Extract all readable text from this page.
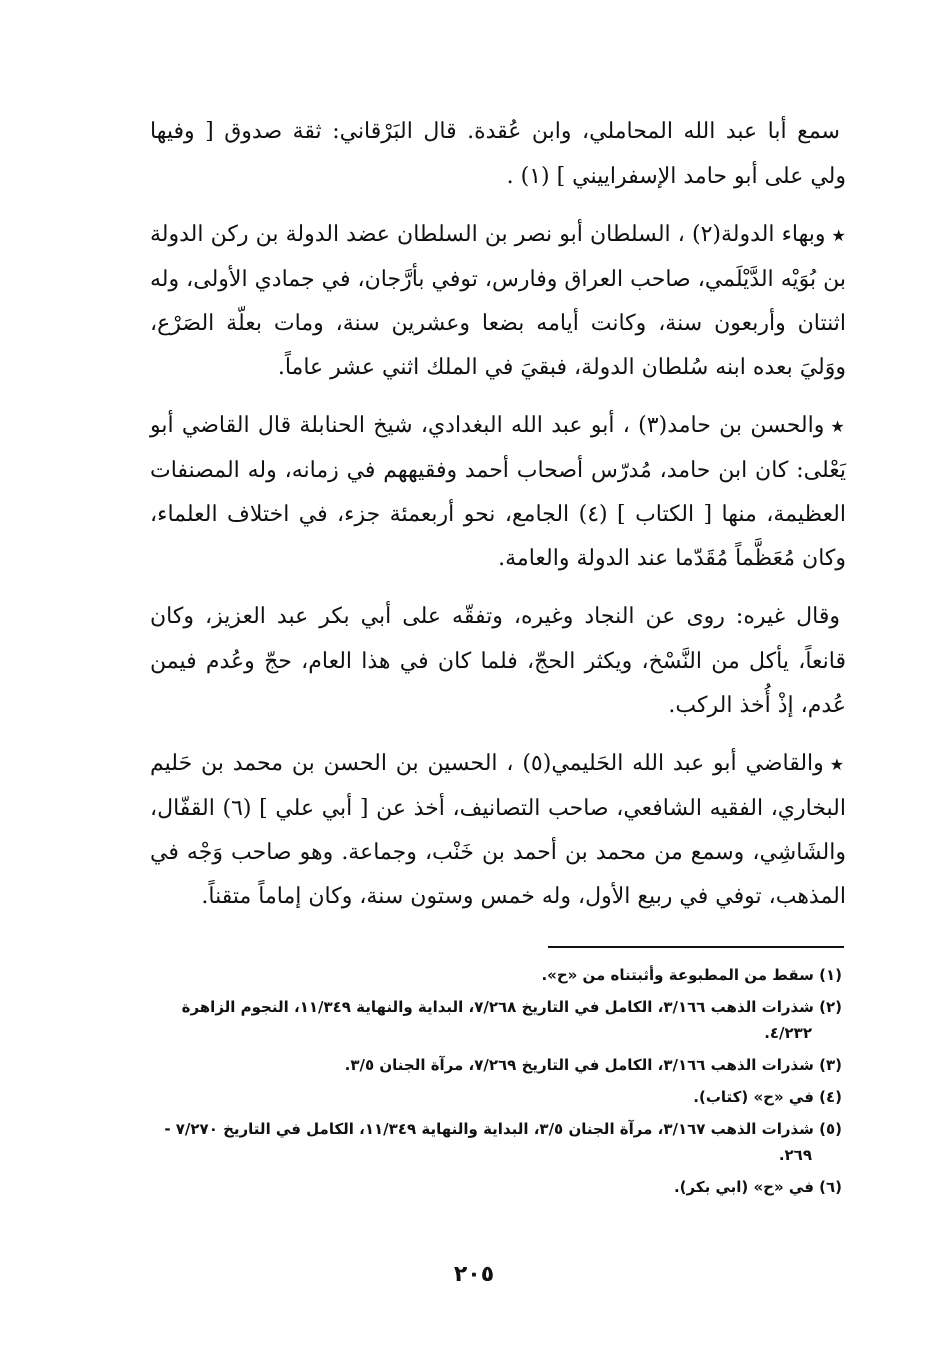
سمع أبا عبد الله المحاملي، وابن عُقدة. قال البَرْقاني: ثقة صدوق [ وفيها ولي على أبو حامد الإسفراييني ] (١) .

★وبهاء الدولة(٢) ، السلطان أبو نصر بن السلطان عضد الدولة بن ركن الدولة بن بُوَيْه الدَّيْلَمي، صاحب العراق وفارس، توفي بأرَّجان، في جمادي الأولى، وله اثنتان وأربعون سنة، وكانت أيامه بضعا وعشرين سنة، ومات بعلّة الصَرْع، ووَليَ بعده ابنه سُلطان الدولة، فبقيَ في الملك اثني عشر عاماً.

★والحسن بن حامد(٣) ، أبو عبد الله البغدادي، شيخ الحنابلة قال القاضي أبو يَعْلى: كان ابن حامد، مُدرّس أصحاب أحمد وفقيههم في زمانه، وله المصنفات العظيمة، منها [ الكتاب ] (٤) الجامع، نحو أربعمئة جزء، في اختلاف العلماء، وكان مُعَظَّماً مُقَدّما عند الدولة والعامة.

وقال غيره: روى عن النجاد وغيره، وتفقّه على أبي بكر عبد العزيز، وكان قانعاً، يأكل من النَّسْخ، ويكثر الحجّ، فلما كان في هذا العام، حجّ وعُدم فيمن عُدم، إذْ أُخذ الركب.

★والقاضي أبو عبد الله الحَليمي(٥) ، الحسين بن الحسن بن محمد بن حَليم البخاري، الفقيه الشافعي، صاحب التصانيف، أخذ عن [ أبي علي ] (٦) القفّال، والشَاشِي، وسمع من محمد بن أحمد بن خَنْب، وجماعة. وهو صاحب وَجْه في المذهب، توفي في ربيع الأول، وله خمس وستون سنة، وكان إماماً متقناً.

(١) سقط من المطبوعة وأثبتناه من «ح».

(٢) شذرات الذهب ٣/١٦٦، الكامل في التاريخ ٧/٢٦٨، البداية والنهاية ١١/٣٤٩، النجوم الزاهرة ٤/٢٣٢.

(٣) شذرات الذهب ٣/١٦٦، الكامل في التاريخ ٧/٢٦٩، مرآة الجنان ٣/٥.

(٤) في «ح» (كتاب).

(٥) شذرات الذهب ٣/١٦٧، مرآة الجنان ٣/٥، البداية والنهاية ١١/٣٤٩، الكامل في التاريخ ٧/٢٧٠ - ٢٦٩.

(٦) في «ح» (ابي بكر).

٢٠٥
